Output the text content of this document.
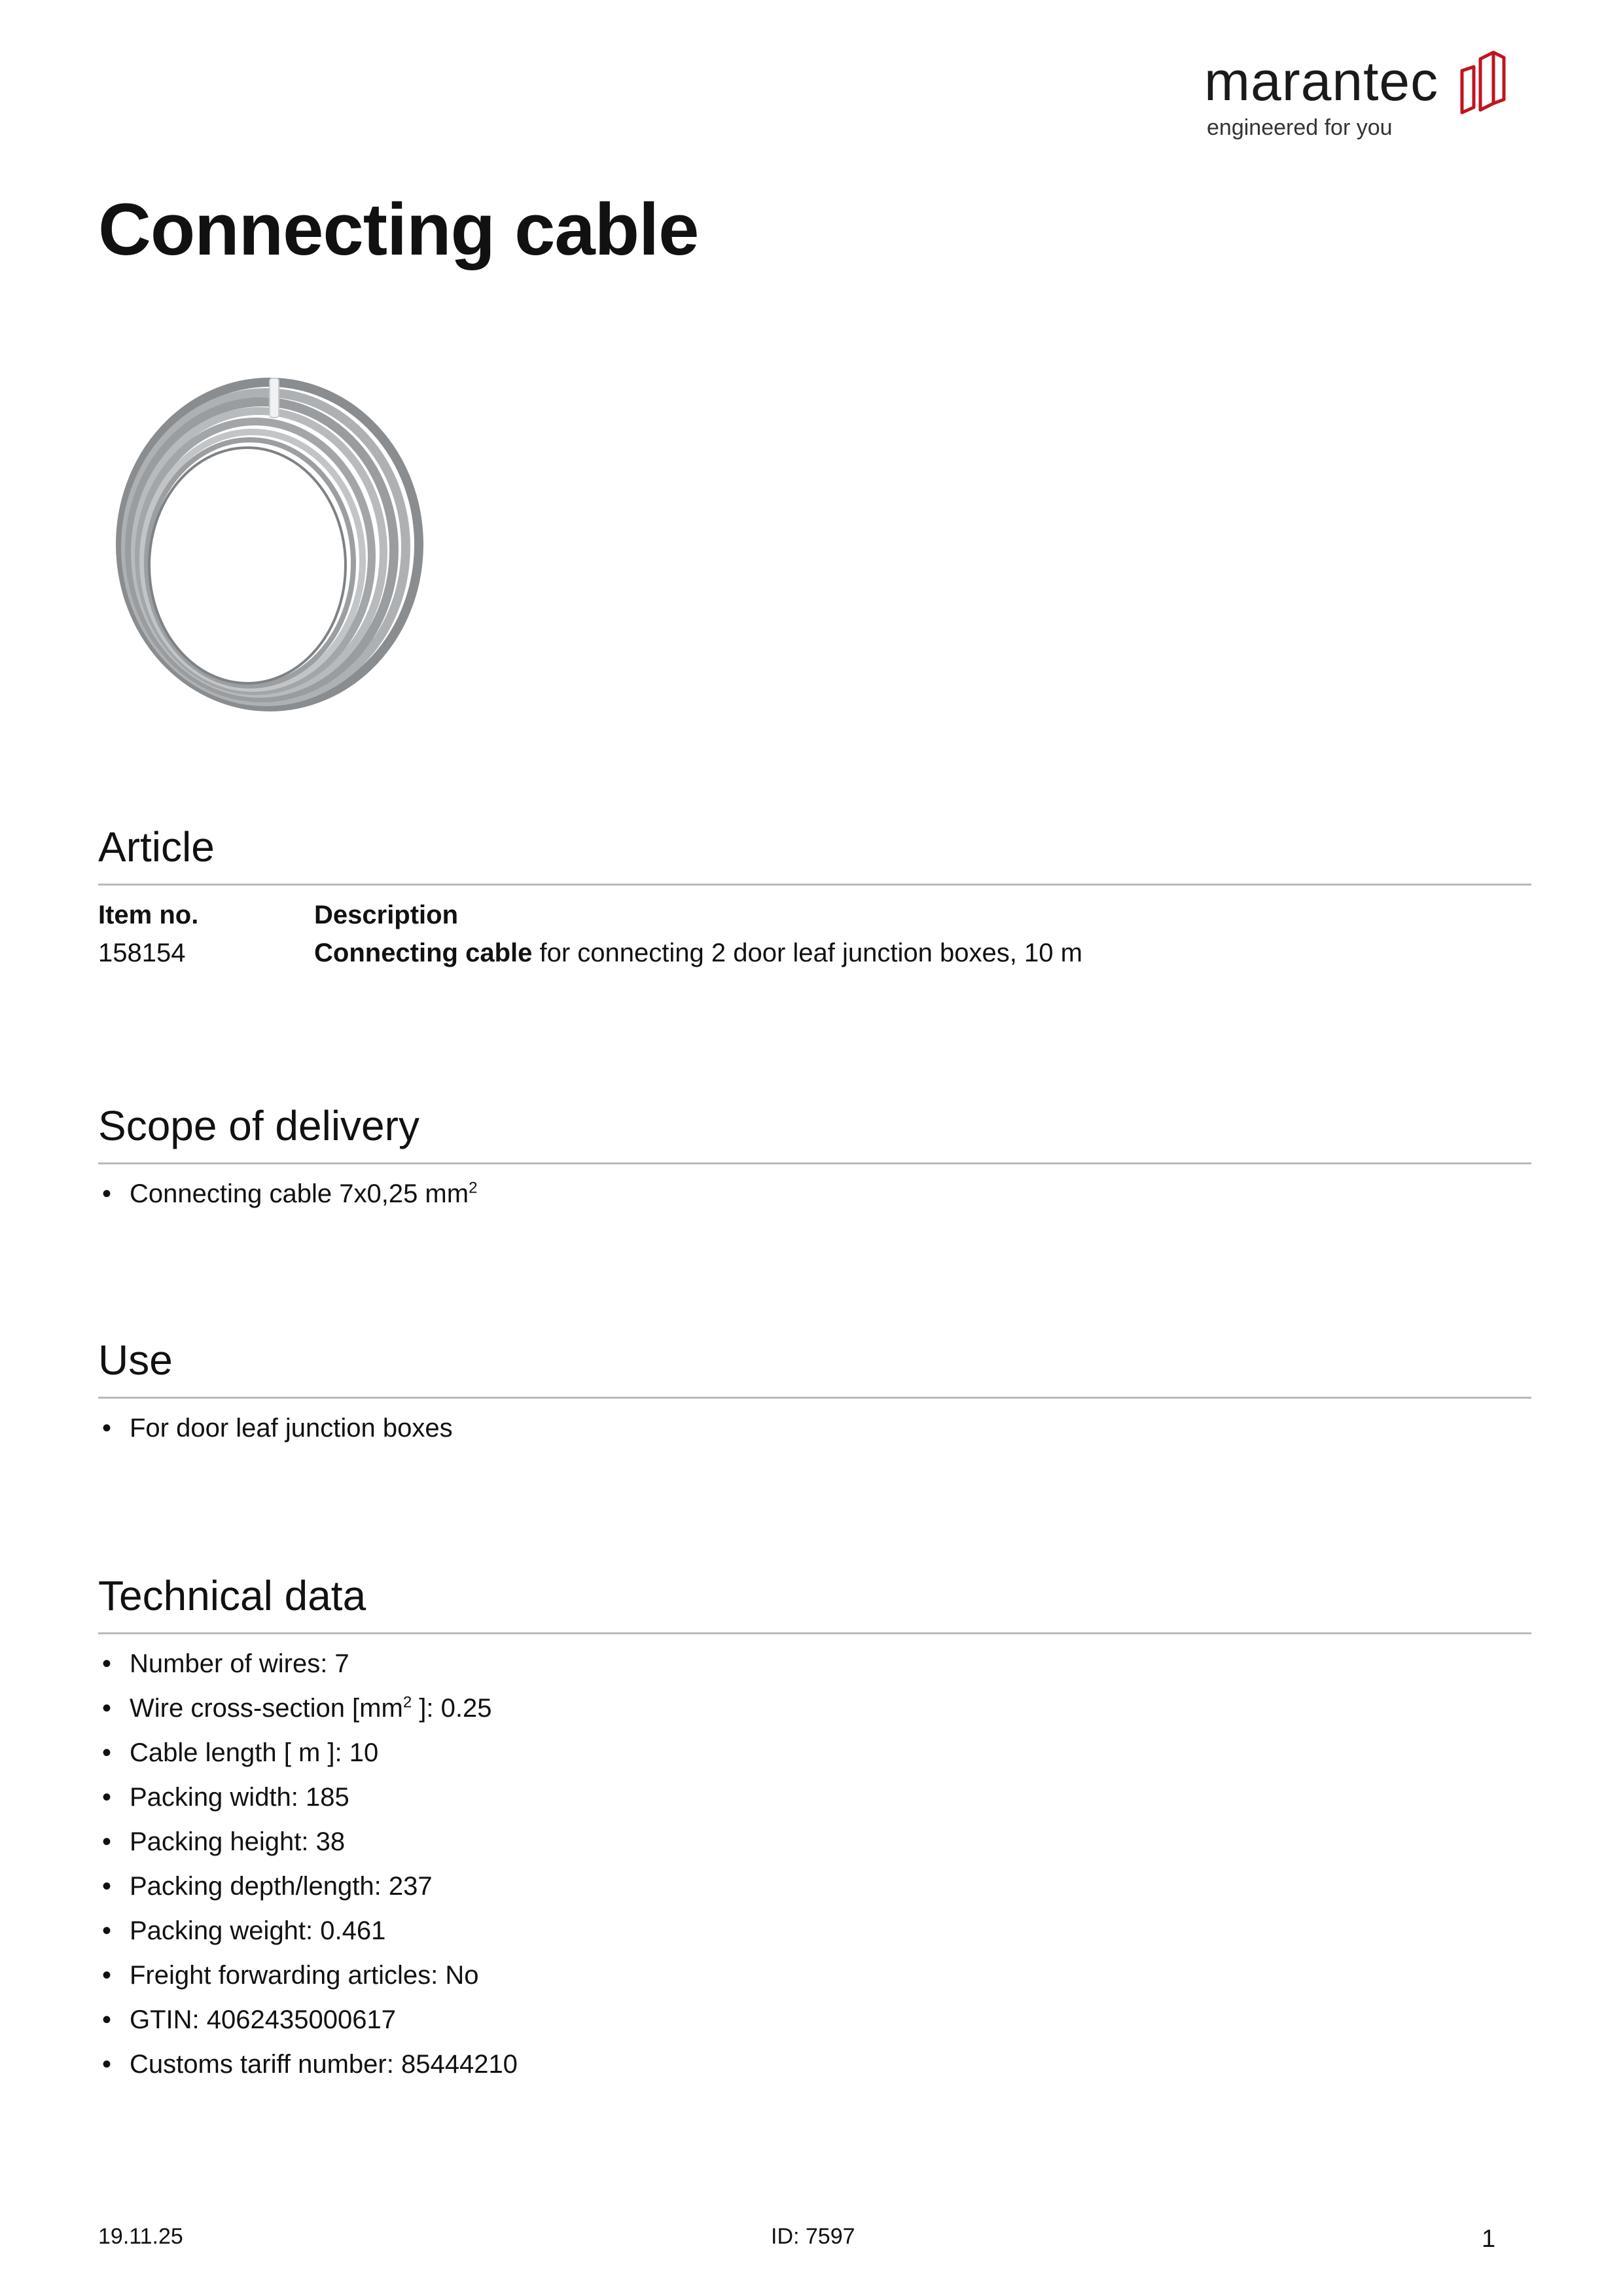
marantec
engineered for you
Connecting cable
Article
Item no.	Description
158154	Connecting cable for connecting 2 door leaf junction boxes, 10 m
Scope of delivery
• Connecting cable 7x0,25 $mm^2$
Use
• For door leaf junction boxes
Technical data
• Number of wires: 7
• Wire cross-section [$mm^2$ ]: 0.25
• Cable length [ m ]: 10
• Packing width: 185
• Packing height: 38
• Packing depth/length: 237
• Packing weight: 0.461
• Freight forwarding articles: No
• GTIN: 4062435000617
• Customs tariff number: 85444210
19.11.25	ID: 7597	1
